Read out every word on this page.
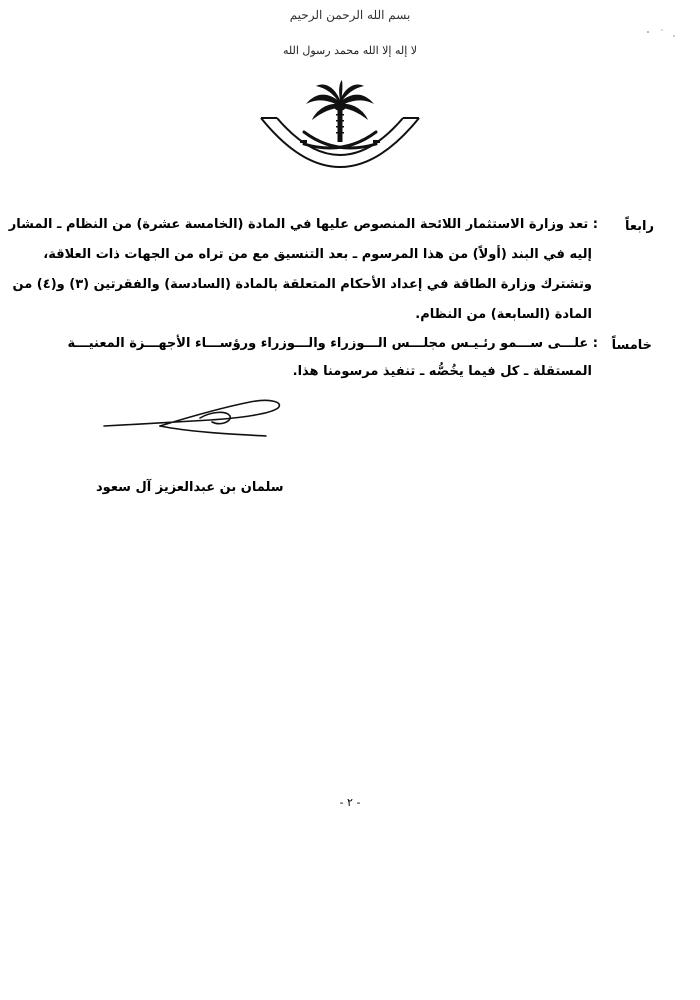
بسم الله الرحمن الرحيم
لا إله إلا الله محمد رسول الله
رابعاً
: تعد وزارة الاستثمار اللائحة المنصوص عليها في المادة (الخامسة عشرة) من النظام ـ المشار
إليه في البند (أولاً) من هذا المرسوم ـ بعد التنسيق مع من تراه من الجهات ذات العلاقة،
وتشترك وزارة الطاقة في إعداد الأحكام المتعلقة بالمادة (السادسة) والفقرتين (٣) و(٤) من
المادة (السابعة) من النظام.
خامساً
: علـــى ســـمو رئـيـس مجلـــس الـــوزراء والـــوزراء ورؤســـاء الأجهـــزة المعنيـــة
المستقلة ـ كل فيما يخُصُّه ـ تنفيذ مرسومنا هذا.
سلمان بن عبدالعزيز آل سعود
- ٢ -
